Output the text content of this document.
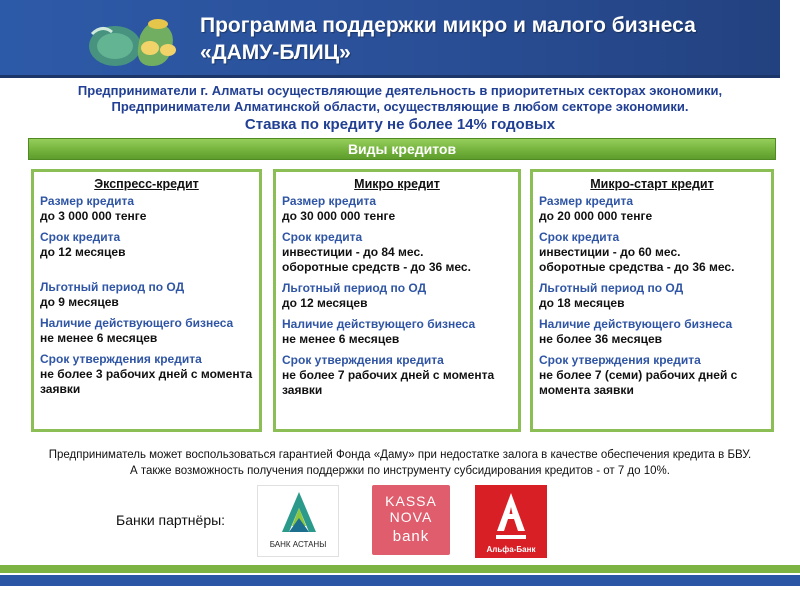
Программа поддержки микро и малого бизнеса «ДАМУ-БЛИЦ»
Предприниматели г. Алматы осуществляющие деятельность в приоритетных секторах экономики,
Предприниматели Алматинской области, осуществляющие в любом секторе экономики.
Ставка по кредиту не более 14% годовых
Виды кредитов
Экспресс-кредит
Размер кредита
до 3 000 000 тенге
Срок кредита
до 12 месяцев
Льготный период по ОД
до 9 месяцев
Наличие действующего бизнеса
не менее 6 месяцев
Срок утверждения кредита
не более 3 рабочих дней с момента заявки
Микро кредит
Размер кредита
до 30 000 000 тенге
Срок кредита
инвестиции - до 84 мес.
оборотные средств - до 36 мес.
Льготный период по ОД
до 12 месяцев
Наличие действующего бизнеса
не менее 6 месяцев
Срок утверждения кредита
не более 7 рабочих дней с момента заявки
Микро-старт кредит
Размер кредита
до 20 000 000 тенге
Срок кредита
инвестиции - до 60 мес.
оборотные средства - до 36 мес.
Льготный период по ОД
до 18 месяцев
Наличие действующего бизнеса
не более 36 месяцев
Срок утверждения кредита
не более 7 (семи) рабочих дней с момента заявки
Предприниматель может воспользоваться гарантией Фонда «Даму» при недостатке залога в качестве обеспечения кредита в БВУ.
А также возможность получения поддержки по инструменту субсидирования кредитов - от 7 до 10%.
Банки партнёры:
БАНК АСТАНЫ
KASSA
NOVA
bank
Альфа-Банк
